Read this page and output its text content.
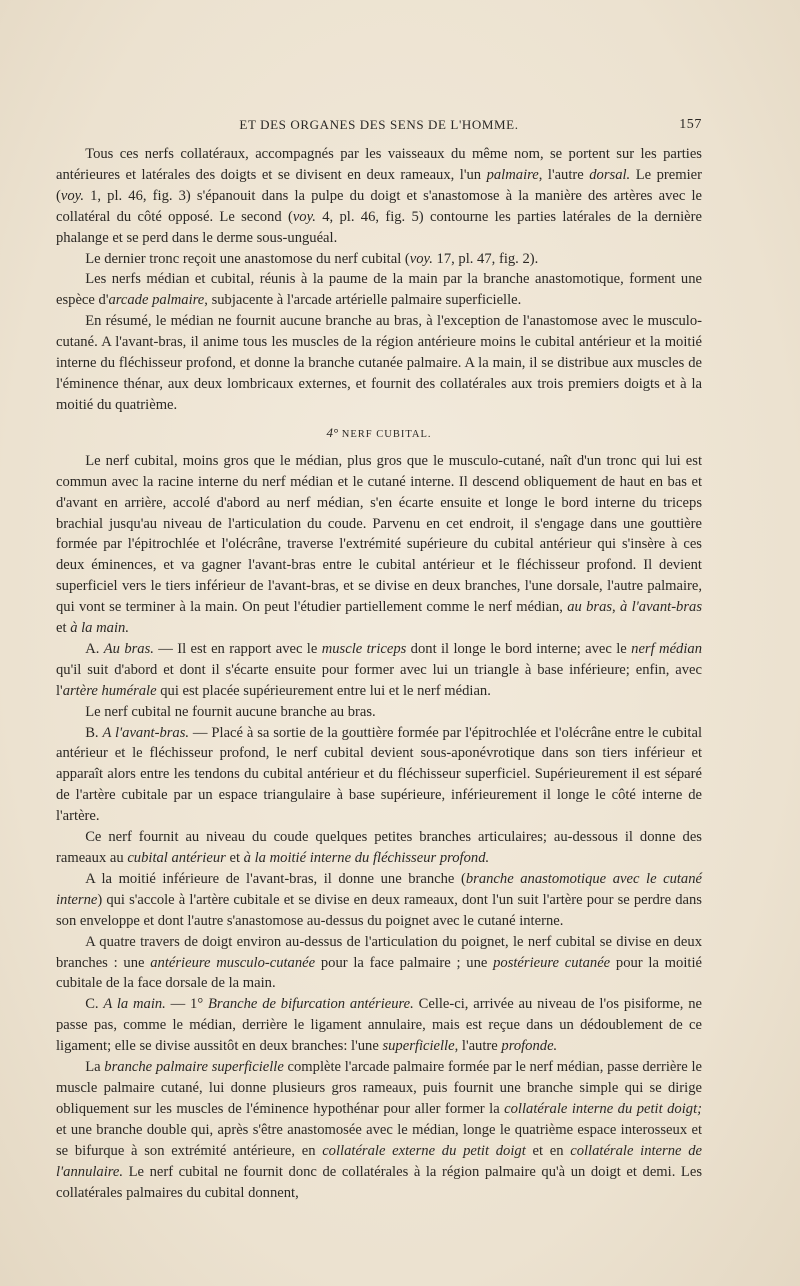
ET DES ORGANES DES SENS DE L'HOMME.	157

Tous ces nerfs collatéraux, accompagnés par les vaisseaux du même nom, se portent sur les parties antérieures et latérales des doigts et se divisent en deux rameaux, l'un palmaire, l'autre dorsal. Le premier (voy. 1, pl. 46, fig. 3) s'épanouit dans la pulpe du doigt et s'anastomose à la manière des artères avec le collatéral du côté opposé. Le second (voy. 4, pl. 46, fig. 5) contourne les parties latérales de la dernière phalange et se perd dans le derme sous-unguéal.

Le dernier tronc reçoit une anastomose du nerf cubital (voy. 17, pl. 47, fig. 2).

Les nerfs médian et cubital, réunis à la paume de la main par la branche anastomotique, forment une espèce d'arcade palmaire, subjacente à l'arcade artérielle palmaire superficielle.

En résumé, le médian ne fournit aucune branche au bras, à l'exception de l'anastomose avec le musculo-cutané. A l'avant-bras, il anime tous les muscles de la région antérieure moins le cubital antérieur et la moitié interne du fléchisseur profond, et donne la branche cutanée palmaire. A la main, il se distribue aux muscles de l'éminence thénar, aux deux lombricaux externes, et fournit des collatérales aux trois premiers doigts et à la moitié du quatrième.

4° NERF CUBITAL.

Le nerf cubital, moins gros que le médian, plus gros que le musculo-cutané, naît d'un tronc qui lui est commun avec la racine interne du nerf médian et le cutané interne. Il descend obliquement de haut en bas et d'avant en arrière, accolé d'abord au nerf médian, s'en écarte ensuite et longe le bord interne du triceps brachial jusqu'au niveau de l'articulation du coude. Parvenu en cet endroit, il s'engage dans une gouttière formée par l'épitrochlée et l'olécrâne, traverse l'extrémité supérieure du cubital antérieur qui s'insère à ces deux éminences, et va gagner l'avant-bras entre le cubital antérieur et le fléchisseur profond. Il devient superficiel vers le tiers inférieur de l'avant-bras, et se divise en deux branches, l'une dorsale, l'autre palmaire, qui vont se terminer à la main. On peut l'étudier partiellement comme le nerf médian, au bras, à l'avant-bras et à la main.

A. Au bras. — Il est en rapport avec le muscle triceps dont il longe le bord interne; avec le nerf médian qu'il suit d'abord et dont il s'écarte ensuite pour former avec lui un triangle à base inférieure; enfin, avec l'artère humérale qui est placée supérieurement entre lui et le nerf médian.

Le nerf cubital ne fournit aucune branche au bras.

B. A l'avant-bras. — Placé à sa sortie de la gouttière formée par l'épitrochlée et l'olécrâne entre le cubital antérieur et le fléchisseur profond, le nerf cubital devient sous-aponévrotique dans son tiers inférieur et apparaît alors entre les tendons du cubital antérieur et du fléchisseur superficiel. Supérieurement il est séparé de l'artère cubitale par un espace triangulaire à base supérieure, inférieurement il longe le côté interne de l'artère.

Ce nerf fournit au niveau du coude quelques petites branches articulaires; au-dessous il donne des rameaux au cubital antérieur et à la moitié interne du fléchisseur profond.

A la moitié inférieure de l'avant-bras, il donne une branche (branche anastomotique avec le cutané interne) qui s'accole à l'artère cubitale et se divise en deux rameaux, dont l'un suit l'artère pour se perdre dans son enveloppe et dont l'autre s'anastomose au-dessus du poignet avec le cutané interne.

A quatre travers de doigt environ au-dessus de l'articulation du poignet, le nerf cubital se divise en deux branches : une antérieure musculo-cutanée pour la face palmaire ; une postérieure cutanée pour la moitié cubitale de la face dorsale de la main.

C. A la main. — 1° Branche de bifurcation antérieure. Celle-ci, arrivée au niveau de l'os pisiforme, ne passe pas, comme le médian, derrière le ligament annulaire, mais est reçue dans un dédoublement de ce ligament; elle se divise aussitôt en deux branches: l'une superficielle, l'autre profonde.

La branche palmaire superficielle complète l'arcade palmaire formée par le nerf médian, passe derrière le muscle palmaire cutané, lui donne plusieurs gros rameaux, puis fournit une branche simple qui se dirige obliquement sur les muscles de l'éminence hypothénar pour aller former la collatérale interne du petit doigt; et une branche double qui, après s'être anastomosée avec le médian, longe le quatrième espace interosseux et se bifurque à son extrémité antérieure, en collatérale externe du petit doigt et en collatérale interne de l'annulaire. Le nerf cubital ne fournit donc de collatérales à la région palmaire qu'à un doigt et demi. Les collatérales palmaires du cubital donnent,
